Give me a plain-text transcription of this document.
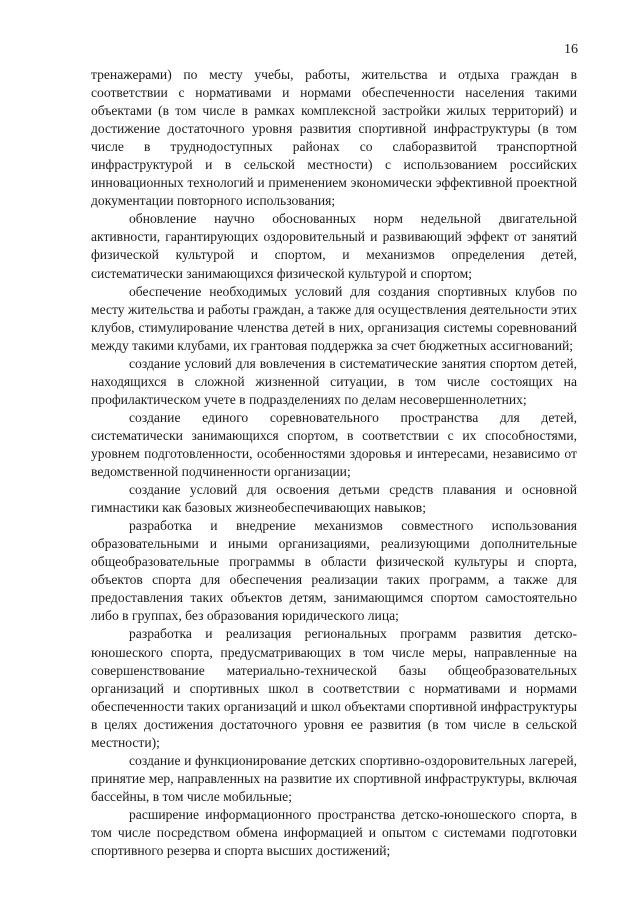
16

тренажерами) по месту учебы, работы, жительства и отдыха граждан в соответствии с нормативами и нормами обеспеченности населения такими объектами (в том числе в рамках комплексной застройки жилых территорий) и достижение достаточного уровня развития спортивной инфраструктуры (в том числе в труднодоступных районах со слаборазвитой транспортной инфраструктурой и в сельской местности) с использованием российских инновационных технологий и применением экономически эффективной проектной документации повторного использования;

обновление научно обоснованных норм недельной двигательной активности, гарантирующих оздоровительный и развивающий эффект от занятий физической культурой и спортом, и механизмов определения детей, систематически занимающихся физической культурой и спортом;

обеспечение необходимых условий для создания спортивных клубов по месту жительства и работы граждан, а также для осуществления деятельности этих клубов, стимулирование членства детей в них, организация системы соревнований между такими клубами, их грантовая поддержка за счет бюджетных ассигнований;

создание условий для вовлечения в систематические занятия спортом детей, находящихся в сложной жизненной ситуации, в том числе состоящих на профилактическом учете в подразделениях по делам несовершеннолетних;

создание единого соревновательного пространства для детей, систематически занимающихся спортом, в соответствии с их способностями, уровнем подготовленности, особенностями здоровья и интересами, независимо от ведомственной подчиненности организации;

создание условий для освоения детьми средств плавания и основной гимнастики как базовых жизнеобеспечивающих навыков;

разработка и внедрение механизмов совместного использования образовательными и иными организациями, реализующими дополнительные общеобразовательные программы в области физической культуры и спорта, объектов спорта для обеспечения реализации таких программ, а также для предоставления таких объектов детям, занимающимся спортом самостоятельно либо в группах, без образования юридического лица;

разработка и реализация региональных программ развития детско-юношеского спорта, предусматривающих в том числе меры, направленные на совершенствование материально-технической базы общеобразовательных организаций и спортивных школ в соответствии с нормативами и нормами обеспеченности таких организаций и школ объектами спортивной инфраструктуры в целях достижения достаточного уровня ее развития (в том числе в сельской местности);

создание и функционирование детских спортивно-оздоровительных лагерей, принятие мер, направленных на развитие их спортивной инфраструктуры, включая бассейны, в том числе мобильные;

расширение информационного пространства детско-юношеского спорта, в том числе посредством обмена информацией и опытом с системами подготовки спортивного резерва и спорта высших достижений;
